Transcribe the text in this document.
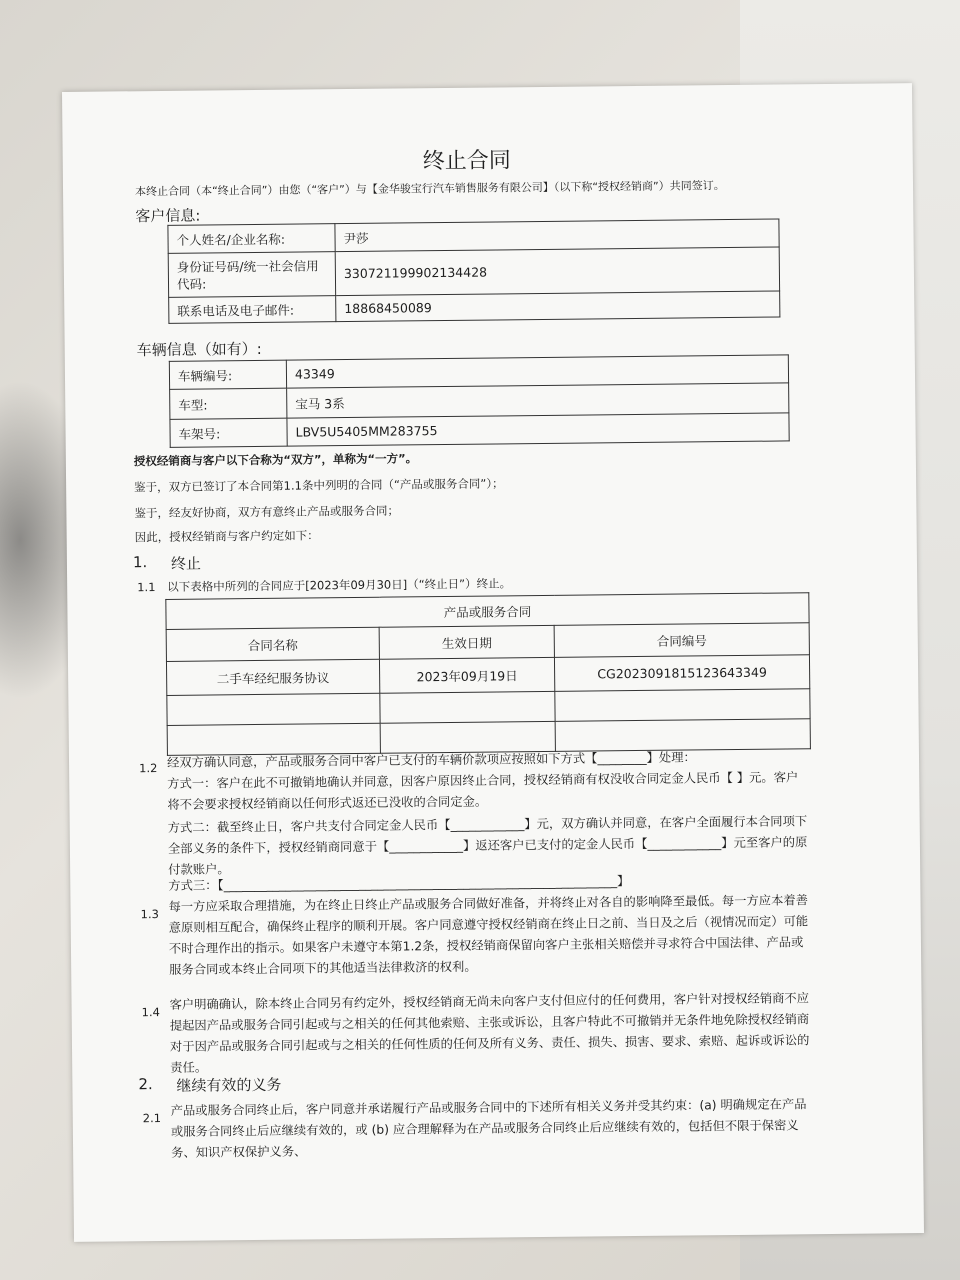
终止合同
本终止合同（本“终止合同”）由您（“客户”）与【金华骏宝行汽车销售服务有限公司】（以下称“授权经销商”）共同签订。
客户信息:
个人姓名/企业名称:	尹莎
身份证号码/统一社会信用代码:	330721199902134428
联系电话及电子邮件:	18868450089
车辆信息（如有）:
车辆编号:	43349
车型:	宝马 3系
车架号:	LBV5U5405MM283755
授权经销商与客户以下合称为“双方”，单称为“一方”。
鉴于，双方已签订了本合同第1.1条中列明的合同（“产品或服务合同”）；
鉴于，经友好协商，双方有意终止产品或服务合同；
因此，授权经销商与客户约定如下：
1. 终止
1.1 以下表格中所列的合同应于[2023年09月30日]（“终止日”）终止。
产品或服务合同		
合同名称	生效日期	合同编号
二手车经纪服务协议	2023年09月19日	CG2023091815123643349

1.2 经双方确认同意，产品或服务合同中客户已支付的车辆价款项应按照如下方式【________】处理：
方式一：客户在此不可撤销地确认并同意，因客户原因终止合同，授权经销商有权没收合同定金人民币【 】元。客户将不会要求授权经销商以任何形式返还已没收的合同定金。
方式二：截至终止日，客户共支付合同定金人民币【____________】元，双方确认并同意，在客户全面履行本合同项下全部义务的条件下，授权经销商同意于【____________】返还客户已支付的定金人民币【____________】元至客户的原付款账户。
方式三：【________________________________________________________________】
1.3
每一方应采取合理措施，为在终止日终止产品或服务合同做好准备，并将终止对各自的影响降至最低。每一方应本着善意原则相互配合，确保终止程序的顺利开展。客户同意遵守授权经销商在终止日之前、当日及之后（视情况而定）可能不时合理作出的指示。如果客户未遵守本第1.2条，授权经销商保留向客户主张相关赔偿并寻求符合中国法律、产品或服务合同或本终止合同项下的其他适当法律救济的权利。
1.4
客户明确确认，除本终止合同另有约定外，授权经销商无尚未向客户支付但应付的任何费用，客户针对授权经销商不应提起因产品或服务合同引起或与之相关的任何其他索赔、主张或诉讼，且客户特此不可撤销并无条件地免除授权经销商对于因产品或服务合同引起或与之相关的任何性质的任何及所有义务、责任、损失、损害、要求、索赔、起诉或诉讼的责任。
2. 继续有效的义务
2.1
产品或服务合同终止后，客户同意并承诺履行产品或服务合同中的下述所有相关义务并受其约束：(a) 明确规定在产品或服务合同终止后应继续有效的，或 (b) 应合理解释为在产品或服务合同终止后应继续有效的，包括但不限于保密义务、知识产权保护义务、
